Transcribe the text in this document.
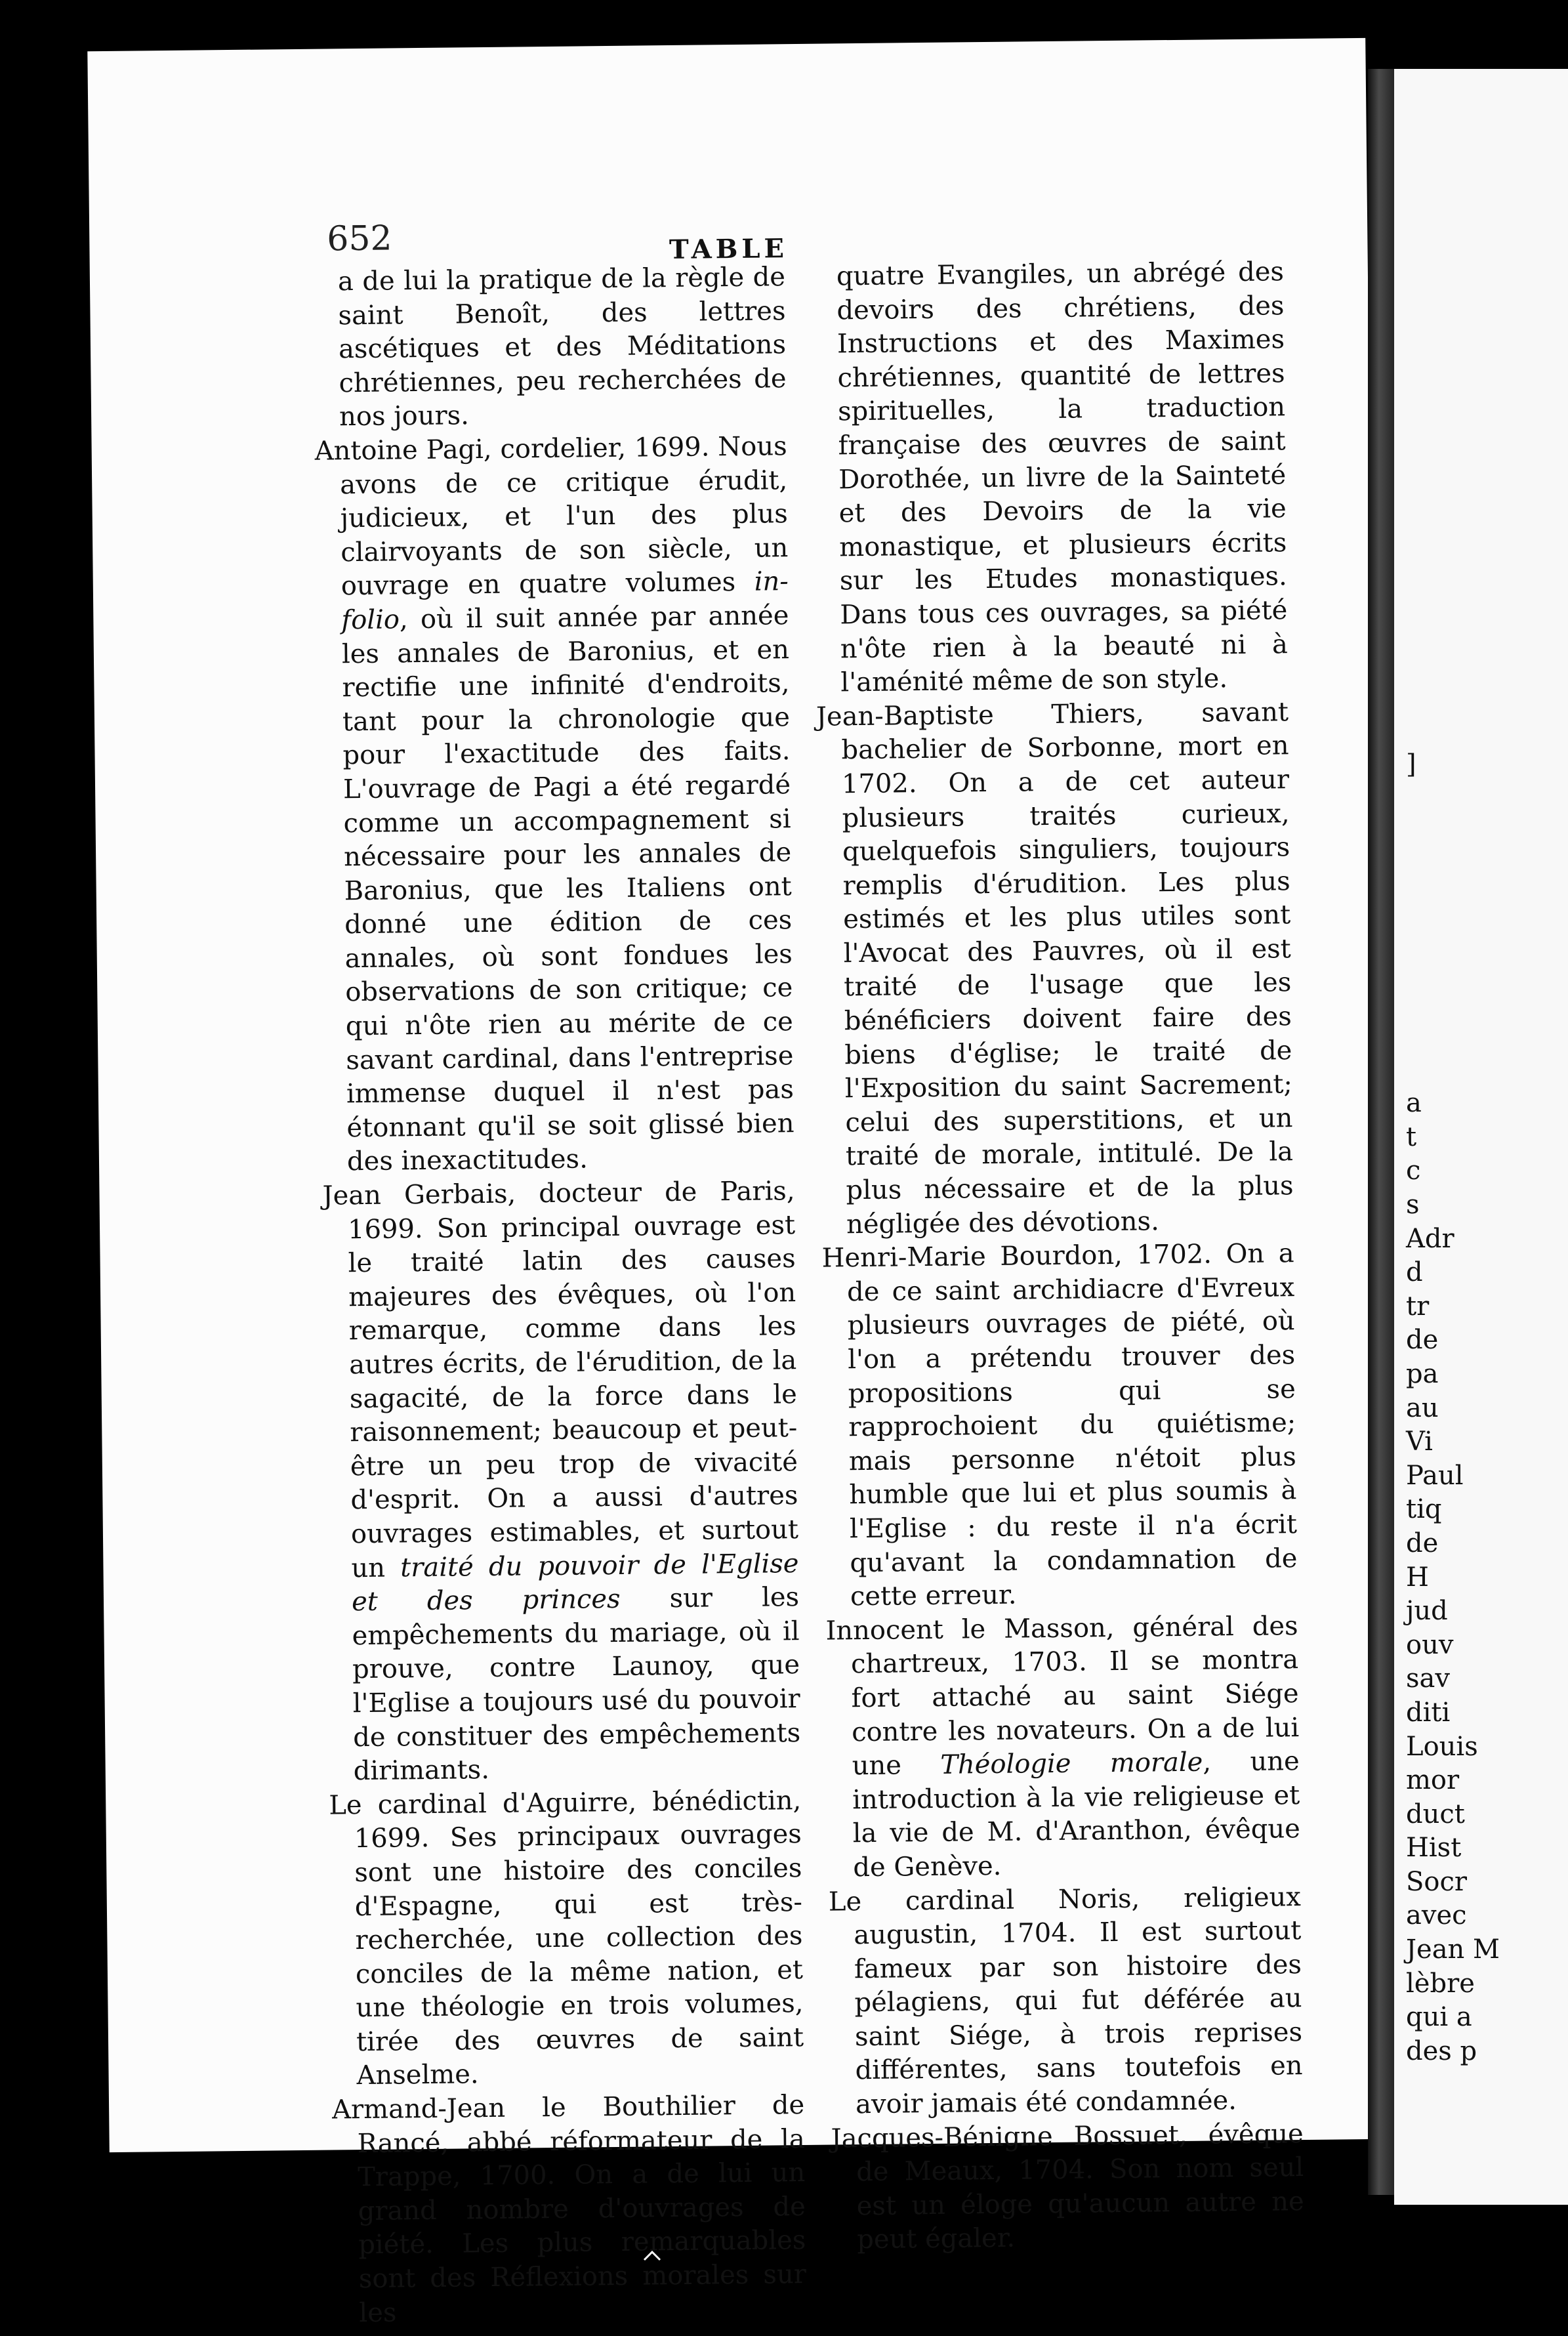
652	TABLE

a de lui la pratique de la règle de saint Benoît, des lettres ascétiques et des Méditations chrétiennes, peu recherchées de nos jours.

Antoine Pagi, cordelier, 1699. Nous avons de ce critique érudit, judicieux, et l'un des plus clairvoyants de son siècle, un ouvrage en quatre volumes in-folio, où il suit année par année les annales de Baronius, et en rectifie une infinité d'endroits, tant pour la chronologie que pour l'exactitude des faits. L'ouvrage de Pagi a été regardé comme un accompagnement si nécessaire pour les annales de Baronius, que les Italiens ont donné une édition de ces annales, où sont fondues les observations de son critique; ce qui n'ôte rien au mérite de ce savant cardinal, dans l'entreprise immense duquel il n'est pas étonnant qu'il se soit glissé bien des inexactitudes.

Jean Gerbais, docteur de Paris, 1699. Son principal ouvrage est le traité latin des causes majeures des évêques, où l'on remarque, comme dans les autres écrits, de l'érudition, de la sagacité, de la force dans le raisonnement; beaucoup et peut-être un peu trop de vivacité d'esprit. On a aussi d'autres ouvrages estimables, et surtout un traité du pouvoir de l'Eglise et des princes sur les empêchements du mariage, où il prouve, contre Launoy, que l'Eglise a toujours usé du pouvoir de constituer des empêchements dirimants.

Le cardinal d'Aguirre, bénédictin, 1699. Ses principaux ouvrages sont une histoire des conciles d'Espagne, qui est très-recherchée, une collection des conciles de la même nation, et une théologie en trois volumes, tirée des œuvres de saint Anselme.

Armand-Jean le Bouthilier de Rancé, abbé réformateur de la Trappe, 1700. On a de lui un grand nombre d'ouvrages de piété. Les plus remarquables sont des Réflexions morales sur les

quatre Evangiles, un abrégé des devoirs des chrétiens, des Instructions et des Maximes chrétiennes, quantité de lettres spirituelles, la traduction française des œuvres de saint Dorothée, un livre de la Sainteté et des Devoirs de la vie monastique, et plusieurs écrits sur les Etudes monastiques. Dans tous ces ouvrages, sa piété n'ôte rien à la beauté ni à l'aménité même de son style.

Jean-Baptiste Thiers, savant bachelier de Sorbonne, mort en 1702. On a de cet auteur plusieurs traités curieux, quelquefois singuliers, toujours remplis d'érudition. Les plus estimés et les plus utiles sont l'Avocat des Pauvres, où il est traité de l'usage que les bénéficiers doivent faire des biens d'église; le traité de l'Exposition du saint Sacrement; celui des superstitions, et un traité de morale, intitulé. De la plus nécessaire et de la plus négligée des dévotions.

Henri-Marie Bourdon, 1702. On a de ce saint archidiacre d'Evreux plusieurs ouvrages de piété, où l'on a prétendu trouver des propositions qui se rapprochoient du quiétisme; mais personne n'étoit plus humble que lui et plus soumis à l'Eglise : du reste il n'a écrit qu'avant la condamnation de cette erreur.

Innocent le Masson, général des chartreux, 1703. Il se montra fort attaché au saint Siége contre les novateurs. On a de lui une Théologie morale, une introduction à la vie religieuse et la vie de M. d'Aranthon, évêque de Genève.

Le cardinal Noris, religieux augustin, 1704. Il est surtout fameux par son histoire des pélagiens, qui fut déférée au saint Siége, à trois reprises différentes, sans toutefois en avoir jamais été condamnée.

Jacques-Bénigne Bossuet, évêque de Meaux, 1704. Son nom seul est un éloge qu'aucun autre ne peut égaler.

]
a
t
c
s
Adr
d
tr
de
pa
au
Vi
Paul
tiq
de
H
jud
ouv
sav
diti
Louis
mor
duct
Hist
Socr
avec
Jean M
lèbre
qui a
des p
